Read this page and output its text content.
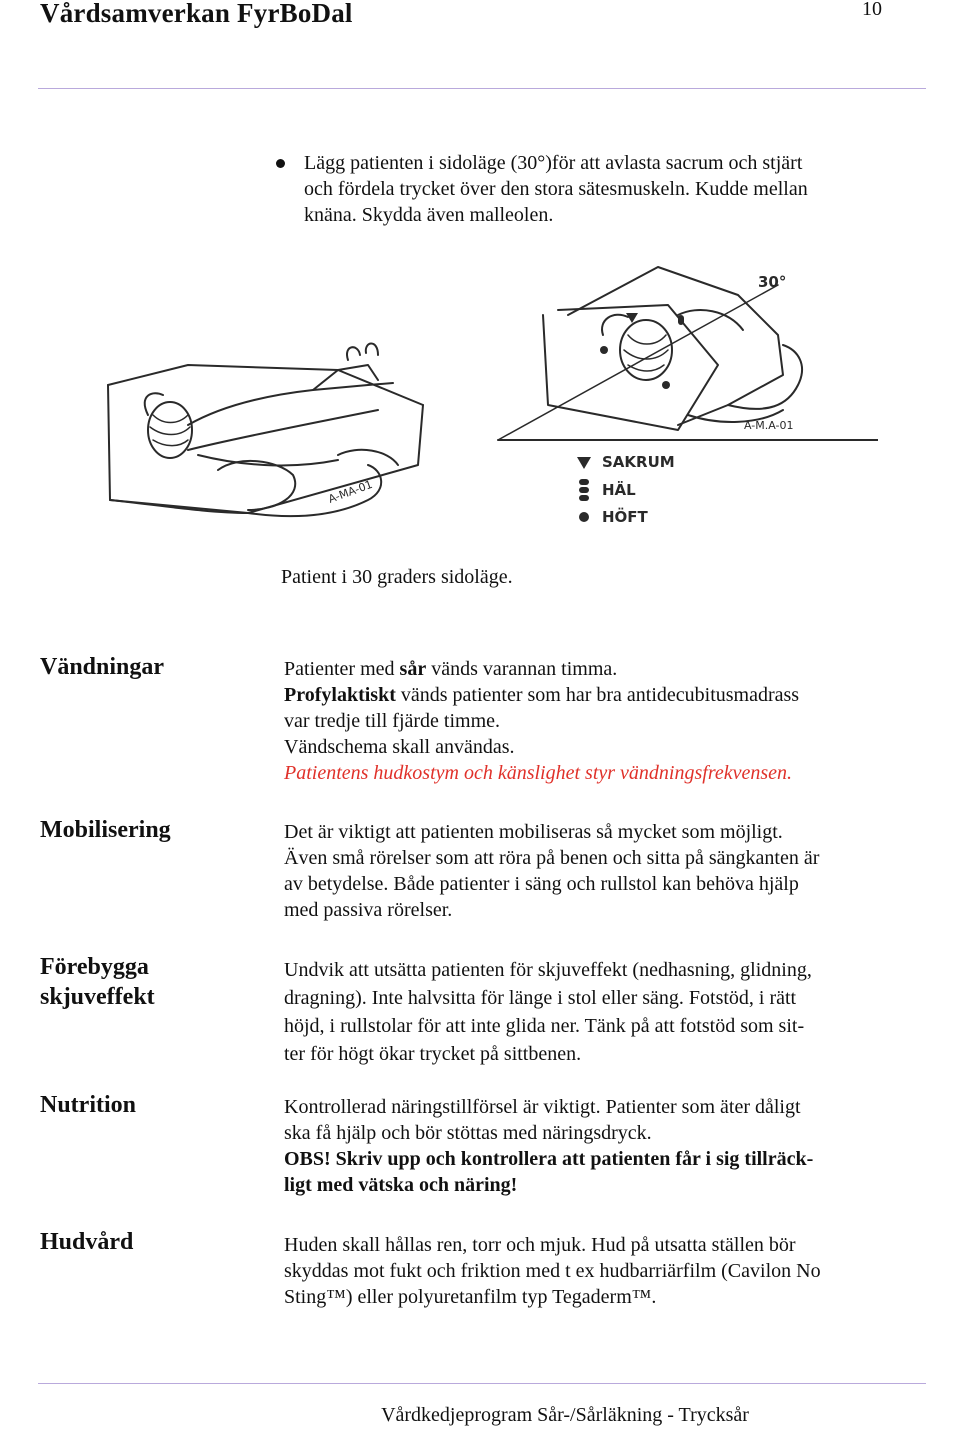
Vårdsamverkan FyrBoDal	10
Lägg patienten i sidoläge (30°)för att avlasta sacrum och stjärt
och fördela trycket över den stora sätesmuskeln. Kudde mellan
knäna. Skydda även malleolen.
30°
A-MA-01
A-M.A-01
SAKRUM
HÄL
HÖFT
Patient i 30 graders sidoläge.
Vändningar	Patienter med sår vänds varannan timma.

Profylaktiskt vänds patienter som har bra antidecubitusmadrass

var tredje till fjärde timme.

Vändschema skall användas.

Patientens hudkostym och känslighet styr vändningsfrekvensen.

Mobilisering	Det är viktigt att patienten mobiliseras så mycket som möjligt.

Även små rörelser som att röra på benen och sitta på sängkanten är

av betydelse. Både patienter i säng och rullstol kan behöva hjälp

med passiva rörelser.

Förebygga
skjuveffekt

Undvik att utsätta patienten för skjuveffekt (nedhasning, glidning,

dragning). Inte halvsitta för länge i stol eller säng. Fotstöd, i rätt

höjd, i rullstolar för att inte glida ner. Tänk på att fotstöd som sit-

ter för högt ökar trycket på sittbenen.

Nutrition	Kontrollerad näringstillförsel är viktigt. Patienter som äter dåligt

ska få hjälp och bör stöttas med näringsdryck.

OBS! Skriv upp och kontrollera att patienten får i sig tillräck-

ligt med vätska och näring!

Hudvård	Huden skall hållas ren, torr och mjuk. Hud på utsatta ställen bör

skyddas mot fukt och friktion med t ex hudbarriärfilm (Cavilon No

Sting™) eller polyuretanfilm typ Tegaderm™.

Vårdkedjeprogram Sår-/Sårläkning - Trycksår
